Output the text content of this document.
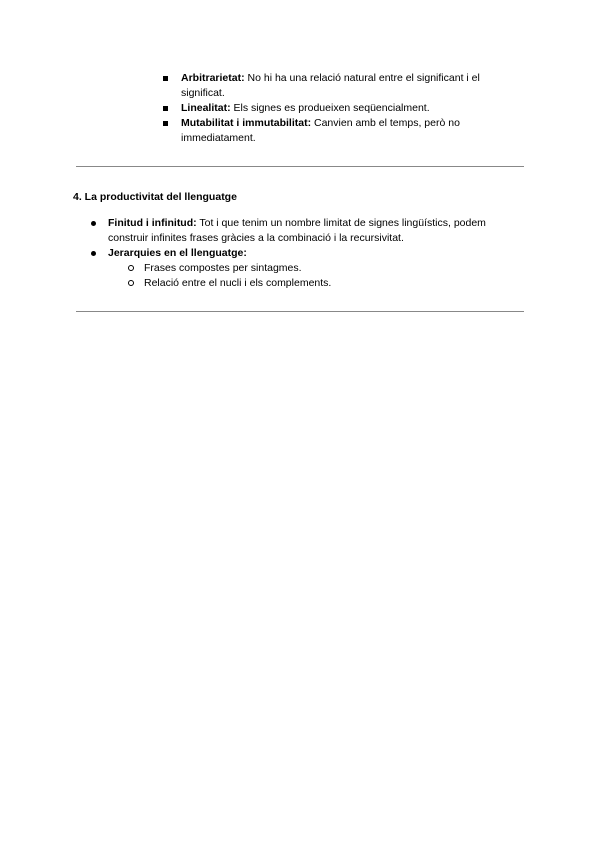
Arbitrarietat: No hi ha una relació natural entre el significant i el significat.
Linealitat: Els signes es produeixen seqüencialment.
Mutabilitat i immutabilitat: Canvien amb el temps, però no immediatament.
4. La productivitat del llenguatge
Finitud i infinitud: Tot i que tenim un nombre limitat de signes lingüístics, podem construir infinites frases gràcies a la combinació i la recursivitat.
Jerarquies en el llenguatge:
Frases compostes per sintagmes.
Relació entre el nucli i els complements.
